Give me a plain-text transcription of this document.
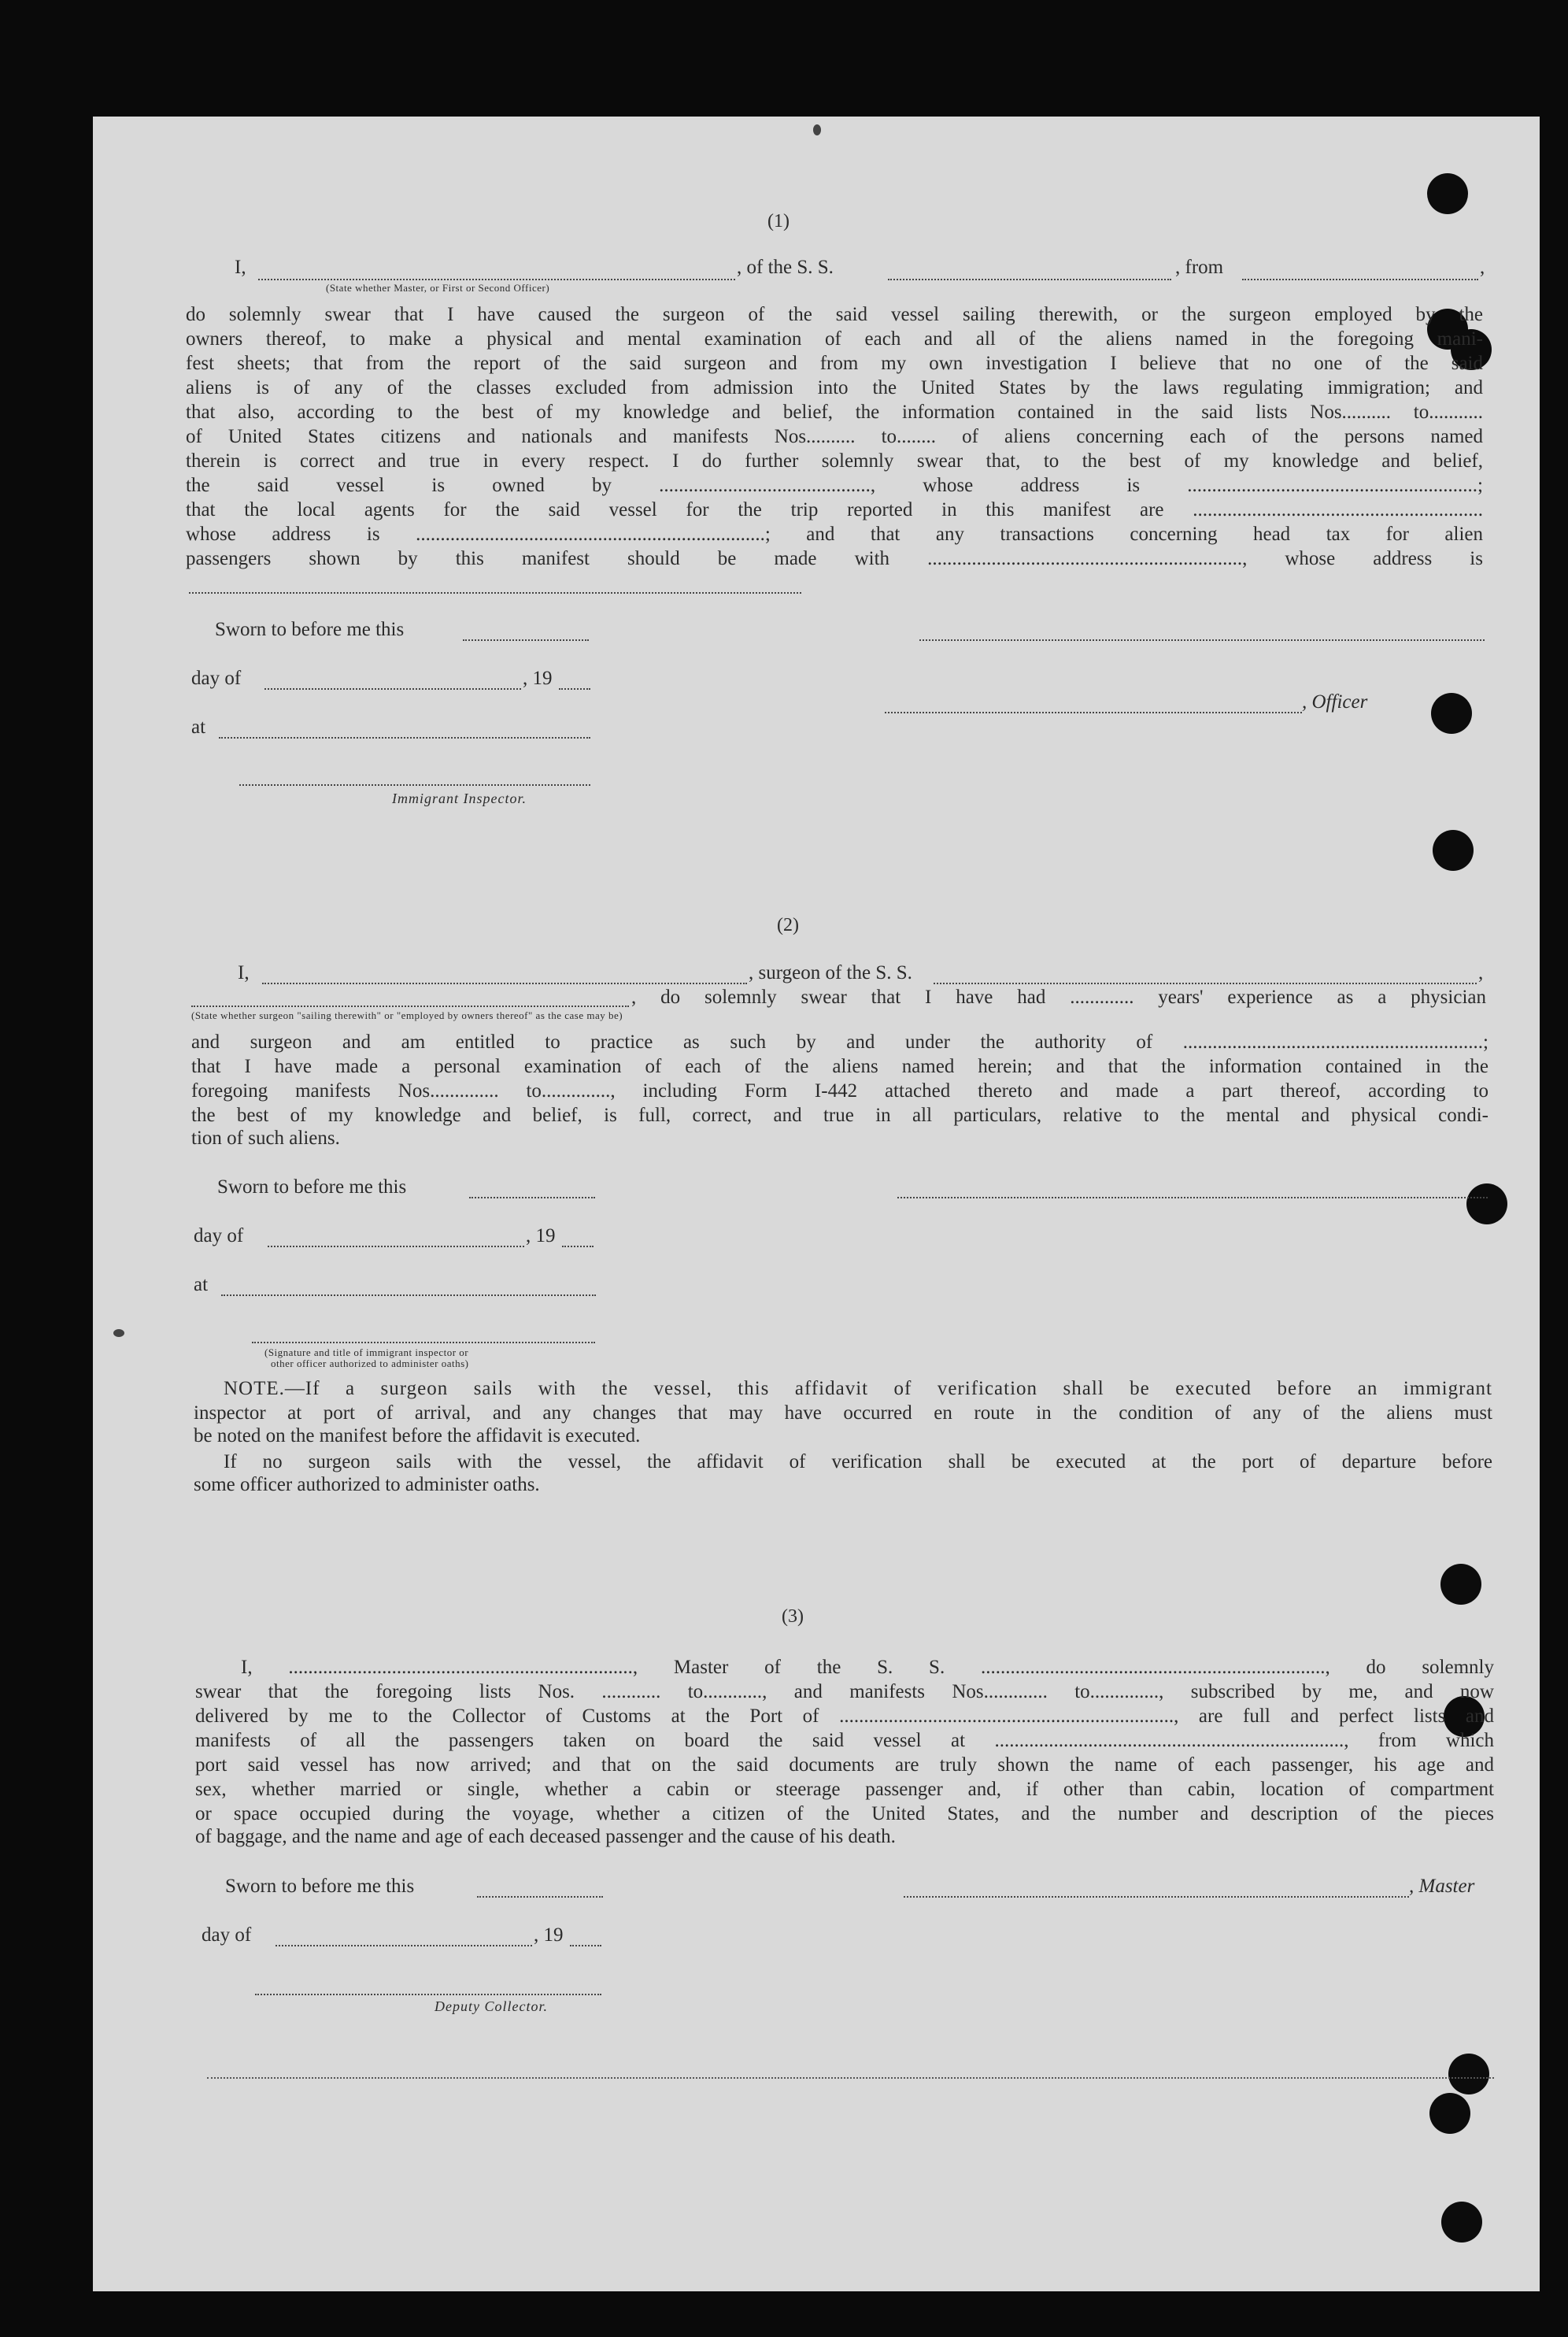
(1)
I,	, of the S. S.	, from	,
(State whether Master, or First or Second Officer)
do solemnly swear that I have caused the surgeon of the said vessel sailing therewith, or the surgeon employed by the
owners thereof, to make a physical and mental examination of each and all of the aliens named in the foregoing mani-
fest sheets; that from the report of the said surgeon and from my own investigation I believe that no one of the said
aliens is of any of the classes excluded from admission into the United States by the laws regulating immigration; and
that also, according to the best of my knowledge and belief, the information contained in the said lists Nos.......... to...........
of United States citizens and nationals and manifests Nos.......... to........ of aliens concerning each of the persons named
therein is correct and true in every respect. I do further solemnly swear that, to the best of my knowledge and belief,
the said vessel is owned by ..........................................., whose address is ...........................................................;
that the local agents for the said vessel for the trip reported in this manifest are ...........................................................
whose address is .......................................................................; and that any transactions concerning head tax for alien
passengers shown by this manifest should be made with ................................................................, whose address is
Sworn to before me this
day of	, 19
, Officer
at
Immigrant Inspector.
(2)
I,	, surgeon of the S. S.	,
, do solemnly swear that I have had ............. years' experience as a physician
(State whether surgeon "sailing therewith" or "employed by owners thereof" as the case may be)
and surgeon and am entitled to practice as such by and under the authority of .............................................................;
that I have made a personal examination of each of the aliens named herein; and that the information contained in the
foregoing manifests Nos.............. to.............., including Form I-442 attached thereto and made a part thereof, according to
the best of my knowledge and belief, is full, correct, and true in all particulars, relative to the mental and physical condi-
tion of such aliens.
Sworn to before me this
day of	, 19
at
(Signature and title of immigrant inspector or
other officer authorized to administer oaths)
NOTE.—If a surgeon sails with the vessel, this affidavit of verification shall be executed before an immigrant
inspector at port of arrival, and any changes that may have occurred en route in the condition of any of the aliens must
be noted on the manifest before the affidavit is executed.
If no surgeon sails with the vessel, the affidavit of verification shall be executed at the port of departure before
some officer authorized to administer oaths.
(3)
I, ......................................................................, Master of the S. S. ......................................................................, do solemnly
swear that the foregoing lists Nos. ............ to............, and manifests Nos............. to.............., subscribed by me, and now
delivered by me to the Collector of Customs at the Port of ...................................................................., are full and perfect lists and
manifests of all the passengers taken on board the said vessel at ......................................................................., from which
port said vessel has now arrived; and that on the said documents are truly shown the name of each passenger, his age and
sex, whether married or single, whether a cabin or steerage passenger and, if other than cabin, location of compartment
or space occupied during the voyage, whether a citizen of the United States, and the number and description of the pieces
of baggage, and the name and age of each deceased passenger and the cause of his death.
Sworn to before me this	, Master
day of	, 19
Deputy Collector.
